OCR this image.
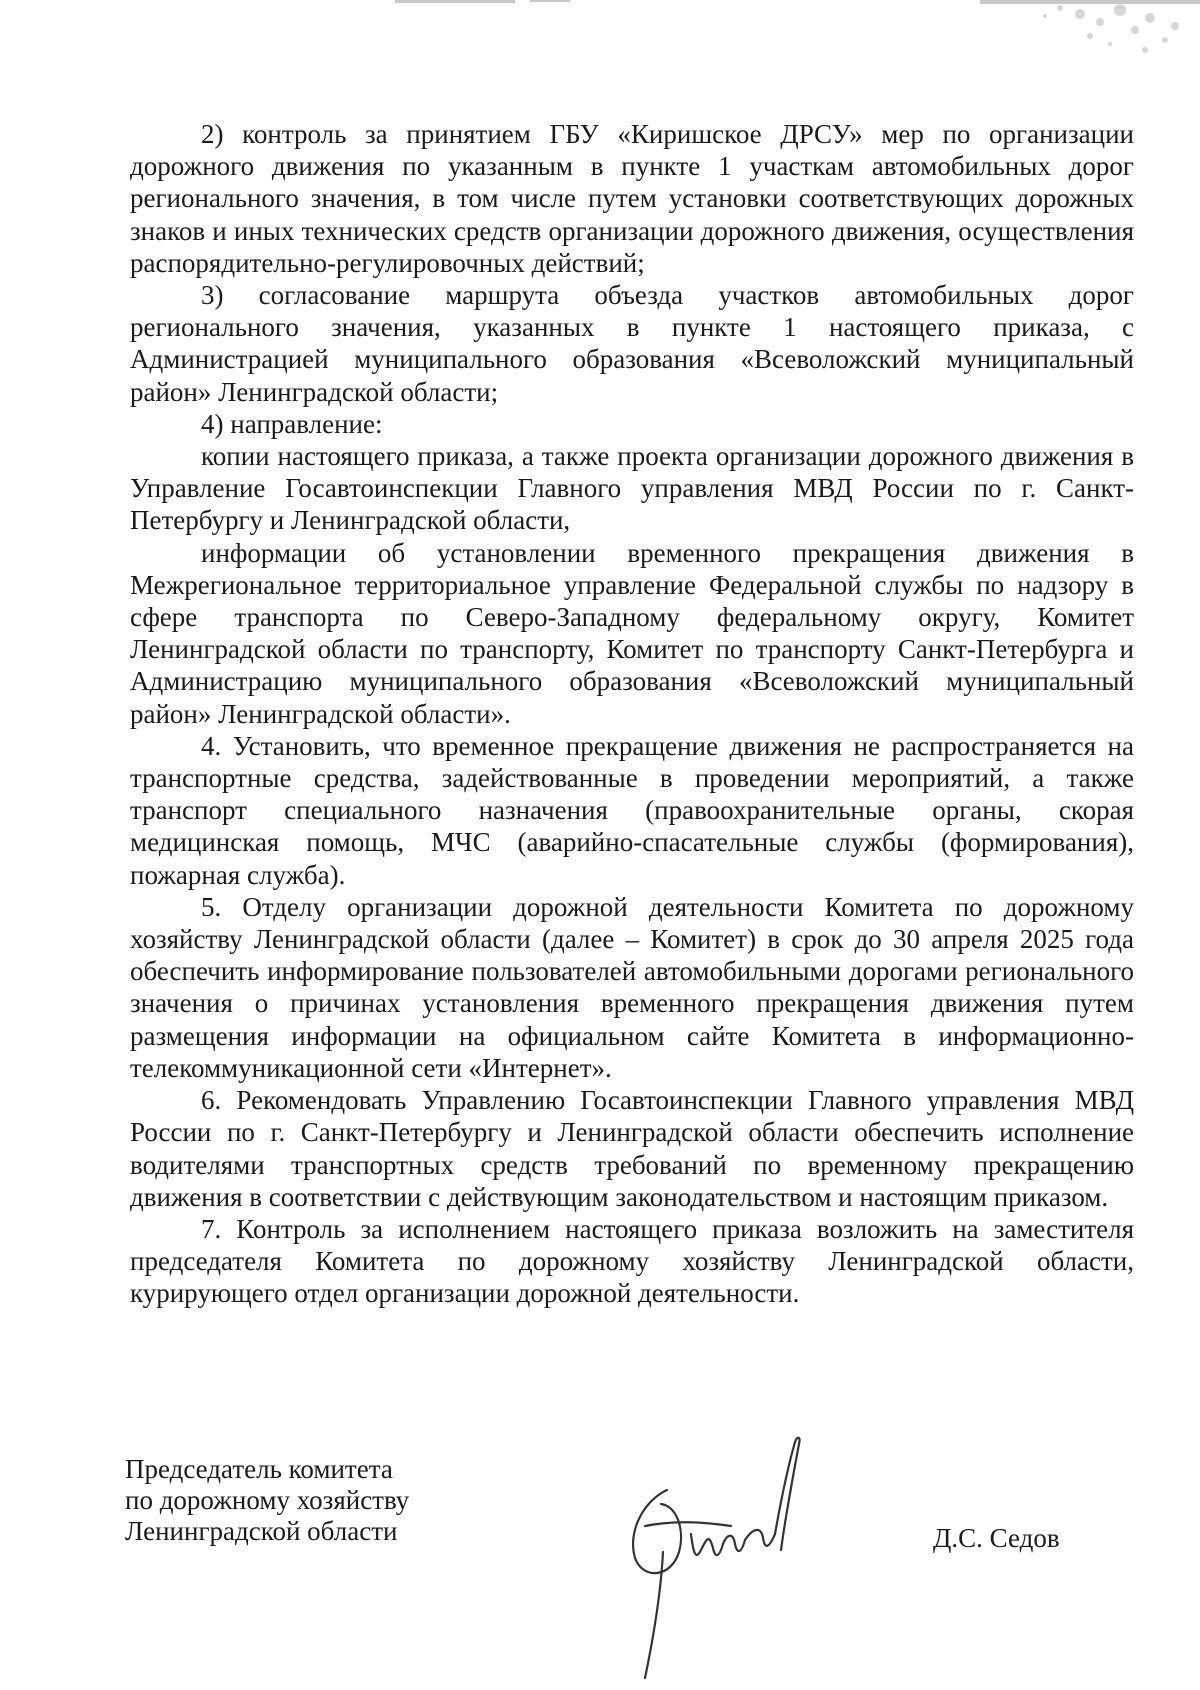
2) контроль за принятием ГБУ «Киришское ДРСУ» мер по организации дорожного движения по указанным в пункте 1 участкам автомобильных дорог регионального значения, в том числе путем установки соответствующих дорожных знаков и иных технических средств организации дорожного движения, осуществления распорядительно-регулировочных действий;

3) согласование маршрута объезда участков автомобильных дорог регионального значения, указанных в пункте 1 настоящего приказа, с Администрацией муниципального образования «Всеволожский муниципальный район» Ленинградской области;

4) направление:

копии настоящего приказа, а также проекта организации дорожного движения в Управление Госавтоинспекции Главного управления МВД России по г. Санкт-Петербургу и Ленинградской области,

информации об установлении временного прекращения движения в Межрегиональное территориальное управление Федеральной службы по надзору в сфере транспорта по Северо-Западному федеральному округу, Комитет Ленинградской области по транспорту, Комитет по транспорту Санкт-Петербурга и Администрацию муниципального образования «Всеволожский муниципальный район» Ленинградской области».

4. Установить, что временное прекращение движения не распространяется на транспортные средства, задействованные в проведении мероприятий, а также транспорт специального назначения (правоохранительные органы, скорая медицинская помощь, МЧС (аварийно-спасательные службы (формирования), пожарная служба).

5. Отделу организации дорожной деятельности Комитета по дорожному хозяйству Ленинградской области (далее – Комитет) в срок до 30 апреля 2025 года обеспечить информирование пользователей автомобильными дорогами регионального значения о причинах установления временного прекращения движения путем размещения информации на официальном сайте Комитета в информационно-телекоммуникационной сети «Интернет».

6. Рекомендовать Управлению Госавтоинспекции Главного управления МВД России по г. Санкт-Петербургу и Ленинградской области обеспечить исполнение водителями транспортных средств требований по временному прекращению движения в соответствии с действующим законодательством и настоящим приказом.

7. Контроль за исполнением настоящего приказа возложить на заместителя председателя Комитета по дорожному хозяйству Ленинградской области, курирующего отдел организации дорожной деятельности.

Председатель комитета
по дорожному хозяйству
Ленинградской области	Д.С. Седов
